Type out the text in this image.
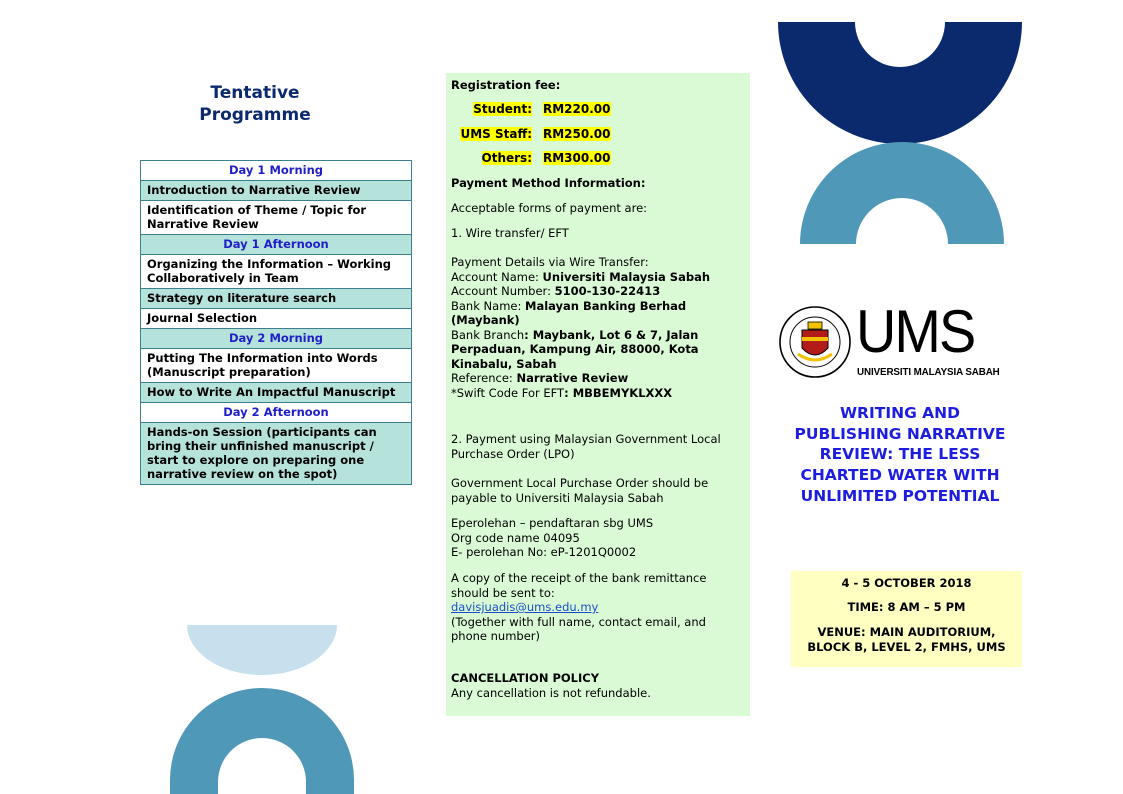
Tentative
Programme
Day 1 Morning
Introduction to Narrative Review
Identification of Theme / Topic for Narrative Review
Day 1 Afternoon
Organizing the Information – Working Collaboratively in Team
Strategy on literature search
Journal Selection
Day 2 Morning
Putting The Information into Words (Manuscript preparation)
How to Write An Impactful Manuscript
Day 2 Afternoon
Hands-on Session (participants can bring their unfinished manuscript / start to explore on preparing one narrative review on the spot)
Registration fee:
Student: RM220.00
UMS Staff: RM250.00
Others: RM300.00
Payment Method Information:
Acceptable forms of payment are:
1. Wire transfer/ EFT
Payment Details via Wire Transfer:
Account Name: Universiti Malaysia Sabah
Account Number: 5100-130-22413
Bank Name: Malayan Banking Berhad (Maybank)
Bank Branch: Maybank, Lot 6 & 7, Jalan Perpaduan, Kampung Air, 88000, Kota Kinabalu, Sabah
Reference: Narrative Review
*Swift Code For EFT: MBBEMYKLXXX
2. Payment using Malaysian Government Local Purchase Order (LPO)
Government Local Purchase Order should be payable to Universiti Malaysia Sabah
Eperolehan – pendaftaran sbg UMS
Org code name 04095
E- perolehan No: eP-1201Q0002
A copy of the receipt of the bank remittance should be sent to:
davisjuadis@ums.edu.my
(Together with full name, contact email, and phone number)
CANCELLATION POLICY
Any cancellation is not refundable.
UMS
UNIVERSITI MALAYSIA SABAH
WRITING AND PUBLISHING NARRATIVE REVIEW: THE LESS CHARTED WATER WITH UNLIMITED POTENTIAL
4 - 5 OCTOBER 2018
TIME: 8 AM – 5 PM
VENUE: MAIN AUDITORIUM,
BLOCK B, LEVEL 2, FMHS, UMS
